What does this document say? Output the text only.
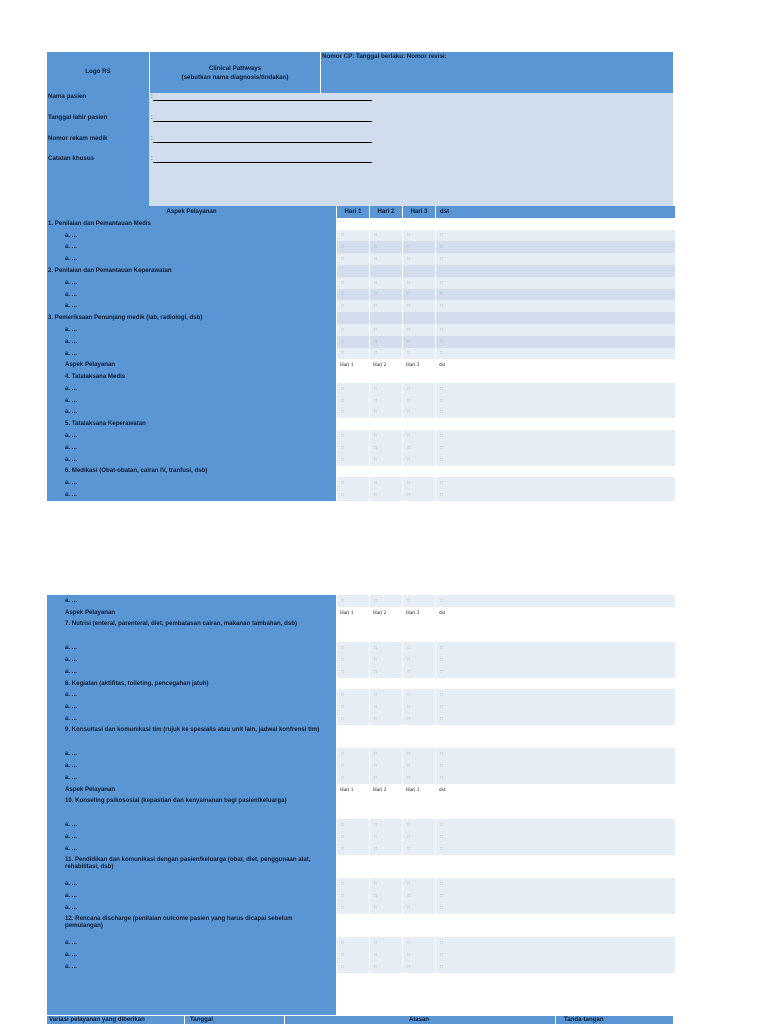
Logo RS	Clinical Pathways
(sebutkan nama diagnosis/tindakan)
Nomor CP: Tanggal berlaku: Nomor revisi:
Nama pasien	:
Tanggal lahir pasien	:
Nomor rekam medik	:
Catatan khusus	:
Aspek Pelayanan	Hari 1	Hari 2	Hari 3	dst
1. Penilaian dan Pemantauan Medis
a. ...	□	□	□	□
a. ...	□	□	□	□
a. ...	□	□	□	□
2. Penilaian dan Pemantauan Keperawatan
a. ...	□	□	□	□
a. ...	□	□	□	□
a. ...	□	□	□	□
3. Pemeriksaan Penunjang medik (lab, radiologi, dsb)
a. ...	□	□	□	□
a. ...	□	□	□	□
a. ...	□	□	□	□
Aspek Pelayanan	Hari 1	Hari 2	Hari 3	dst
4. Tatalaksana Medis
a. ...	□	□	□	□
a. ...	□	□	□	□
a. ...	□	□	□	□
5. Tatalaksana Keperawatan
a. ...	□	□	□	□
a. ...	□	□	□	□
a. ...	□	□	□	□
6. Medikasi (Obat-obatan, cairan IV, tranfusi, dsb)
a. ...	□	□	□	□
a. ...	□	□	□	□
a. ...	□	□	□	□
Aspek Pelayanan	Hari 1	Hari 2	Hari 3	dst
7. Nutrisi (enteral, parenteral, diet, pembatasan cairan, makanan tambahan, dsb)
a. ...	□	□	□	□
a. ...	□	□	□	□
a. ...	□	□	□	□
8. Kegiatan (aktifitas, toileting, pencegahan jatuh)
a. ...	□	□	□	□
a. ...	□	□	□	□
a. ...	□	□	□	□
9. Konsultasi dan komunikasi tim (rujuk ke spesialis atau unit lain, jadwal konfrensi tim)
a. ...	□	□	□	□
a. ...	□	□	□	□
a. ...	□	□	□	□
Aspek Pelayanan	Hari 1	Hari 2	Hari 3	dst
10. Konseling psikososial (kepastian dan kenyamanan bagi pasien/keluarga)
a. ...	□	□	□	□
a. ...	□	□	□	□
a. ...	□	□	□	□
11. Pendidikan dan komunikasi dengan pasien/keluarga (obat, diet, penggunaan alat, rehabilitasi, dsb)
a. ...	□	□	□	□
a. ...	□	□	□	□
a. ...	□	□	□	□
12. Rencana discharge (penilaian outcome pasien yang harus dicapai sebelum pemulangan)
a. ...	□	□	□	□
a. ...	□	□	□	□
a. ...	□	□	□	□
Variasi pelayanan yang diberikan	Tanggal	Alasan	Tanda-tangan
